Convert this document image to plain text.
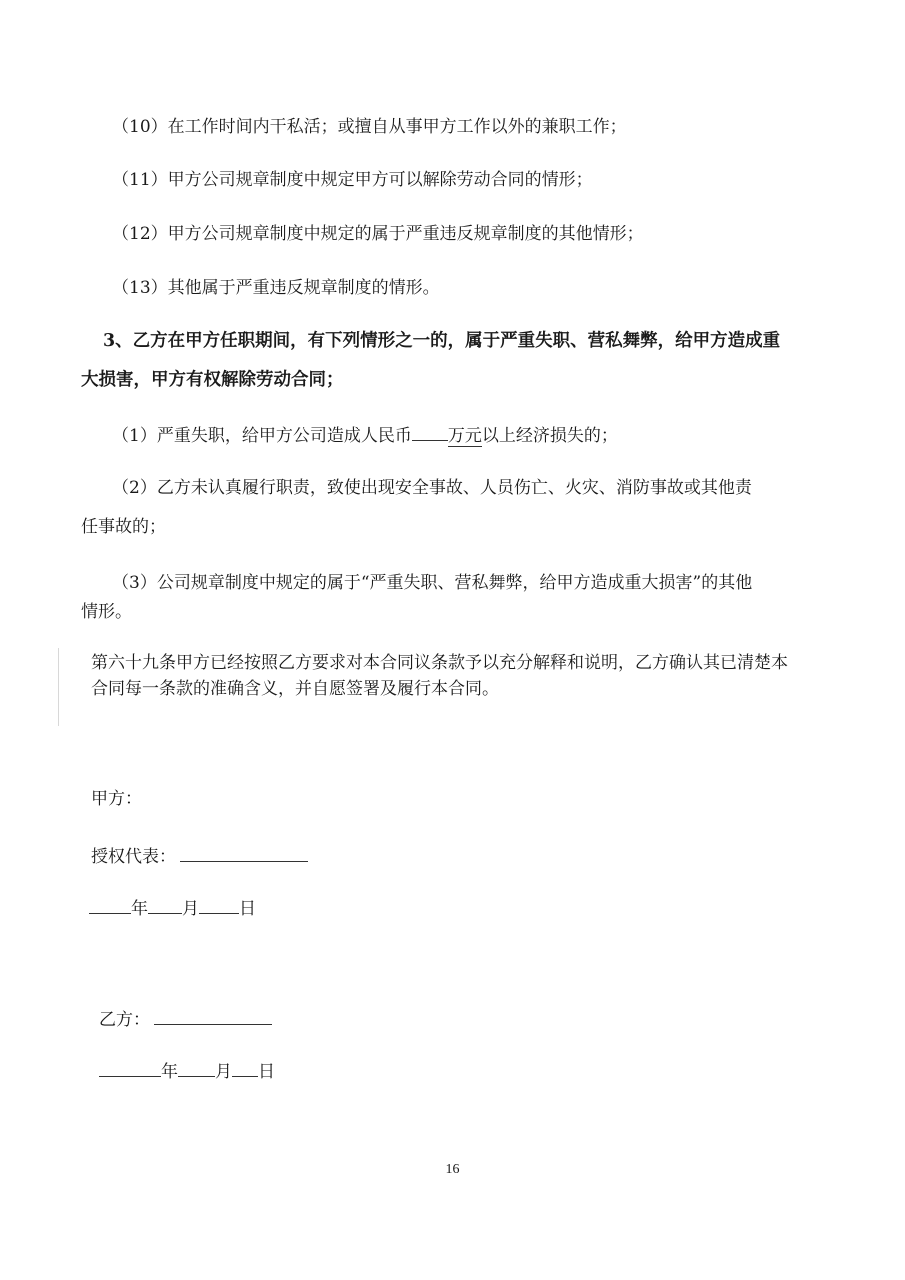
（10）在工作时间内干私活；或擅自从事甲方工作以外的兼职工作；
（11）甲方公司规章制度中规定甲方可以解除劳动合同的情形；
（12）甲方公司规章制度中规定的属于严重违反规章制度的其他情形；
（13）其他属于严重违反规章制度的情形。
3、乙方在甲方任职期间，有下列情形之一的，属于严重失职、营私舞弊，给甲方造成重
大损害，甲方有权解除劳动合同；
（1）严重失职，给甲方公司造成人民币 万元以上经济损失的；
（2）乙方未认真履行职责，致使出现安全事故、人员伤亡、火灾、消防事故或其他责
任事故的；
（3）公司规章制度中规定的属于“严重失职、营私舞弊，给甲方造成重大损害”的其他
情形。
第六十九条甲方已经按照乙方要求对本合同议条款予以充分解释和说明，乙方确认其已清楚本
合同每一条款的准确含义，并自愿签署及履行本合同。
甲方：
授权代表：
年 月 日
乙方：
年 月 日
16
